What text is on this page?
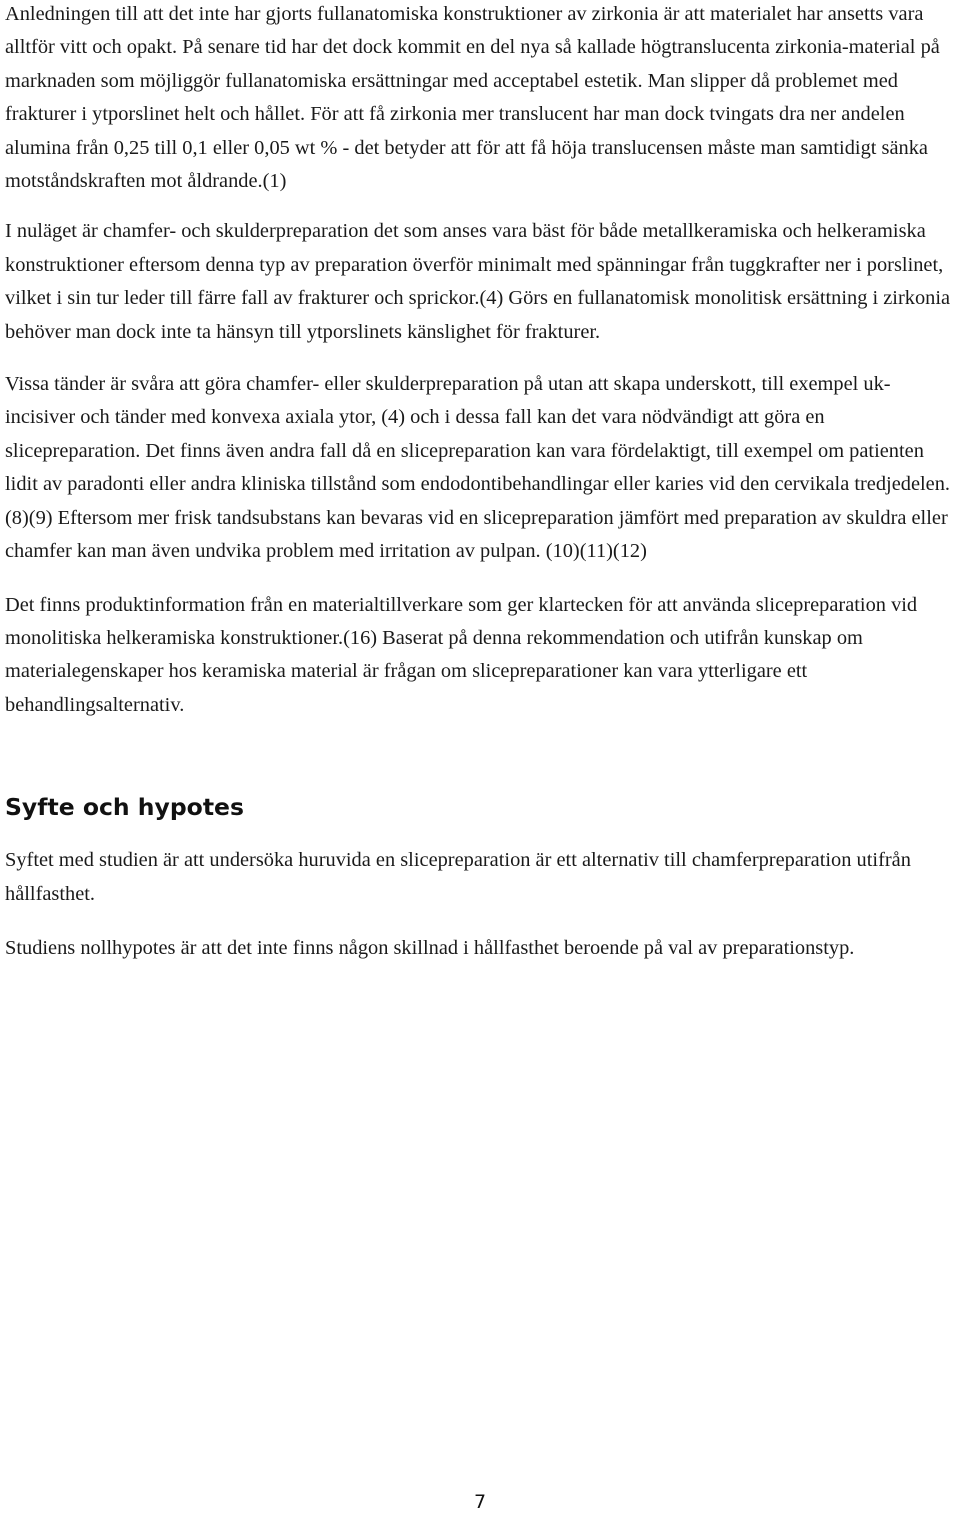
Anledningen till att det inte har gjorts fullanatomiska konstruktioner av zirkonia är att materialet har ansetts vara alltför vitt och opakt. På senare tid har det dock kommit en del nya så kallade högtranslucenta zirkonia-material på marknaden som möjliggör fullanatomiska ersättningar med acceptabel estetik. Man slipper då problemet med frakturer i ytporslinet helt och hållet. För att få zirkonia mer translucent har man dock tvingats dra ner andelen alumina från 0,25 till 0,1 eller 0,05 wt % - det betyder att för att få höja translucensen måste man samtidigt sänka motståndskraften mot åldrande.(1)

I nuläget är chamfer- och skulderpreparation det som anses vara bäst för både metallkeramiska och helkeramiska konstruktioner eftersom denna typ av preparation överför minimalt med spänningar från tuggkrafter ner i porslinet, vilket i sin tur leder till färre fall av frakturer och sprickor.(4) Görs en fullanatomisk monolitisk ersättning i zirkonia behöver man dock inte ta hänsyn till ytporslinets känslighet för frakturer.

Vissa tänder är svåra att göra chamfer- eller skulderpreparation på utan att skapa underskott, till exempel uk-incisiver och tänder med konvexa axiala ytor, (4) och i dessa fall kan det vara nödvändigt att göra en slicepreparation. Det finns även andra fall då en slicepreparation kan vara fördelaktigt, till exempel om patienten lidit av paradonti eller andra kliniska tillstånd som endodontibehandlingar eller karies vid den cervikala tredjedelen.(8)(9) Eftersom mer frisk tandsubstans kan bevaras vid en slicepreparation jämfört med preparation av skuldra eller chamfer kan man även undvika problem med irritation av pulpan. (10)(11)(12)

Det finns produktinformation från en materialtillverkare som ger klartecken för att använda slicepreparation vid monolitiska helkeramiska konstruktioner.(16) Baserat på denna rekommendation och utifrån kunskap om materialegenskaper hos keramiska material är frågan om slicepreparationer kan vara ytterligare ett behandlingsalternativ.

Syfte och hypotes

Syftet med studien är att undersöka huruvida en slicepreparation är ett alternativ till chamferpreparation utifrån hållfasthet.

Studiens nollhypotes är att det inte finns någon skillnad i hållfasthet beroende på val av preparationstyp.

7
